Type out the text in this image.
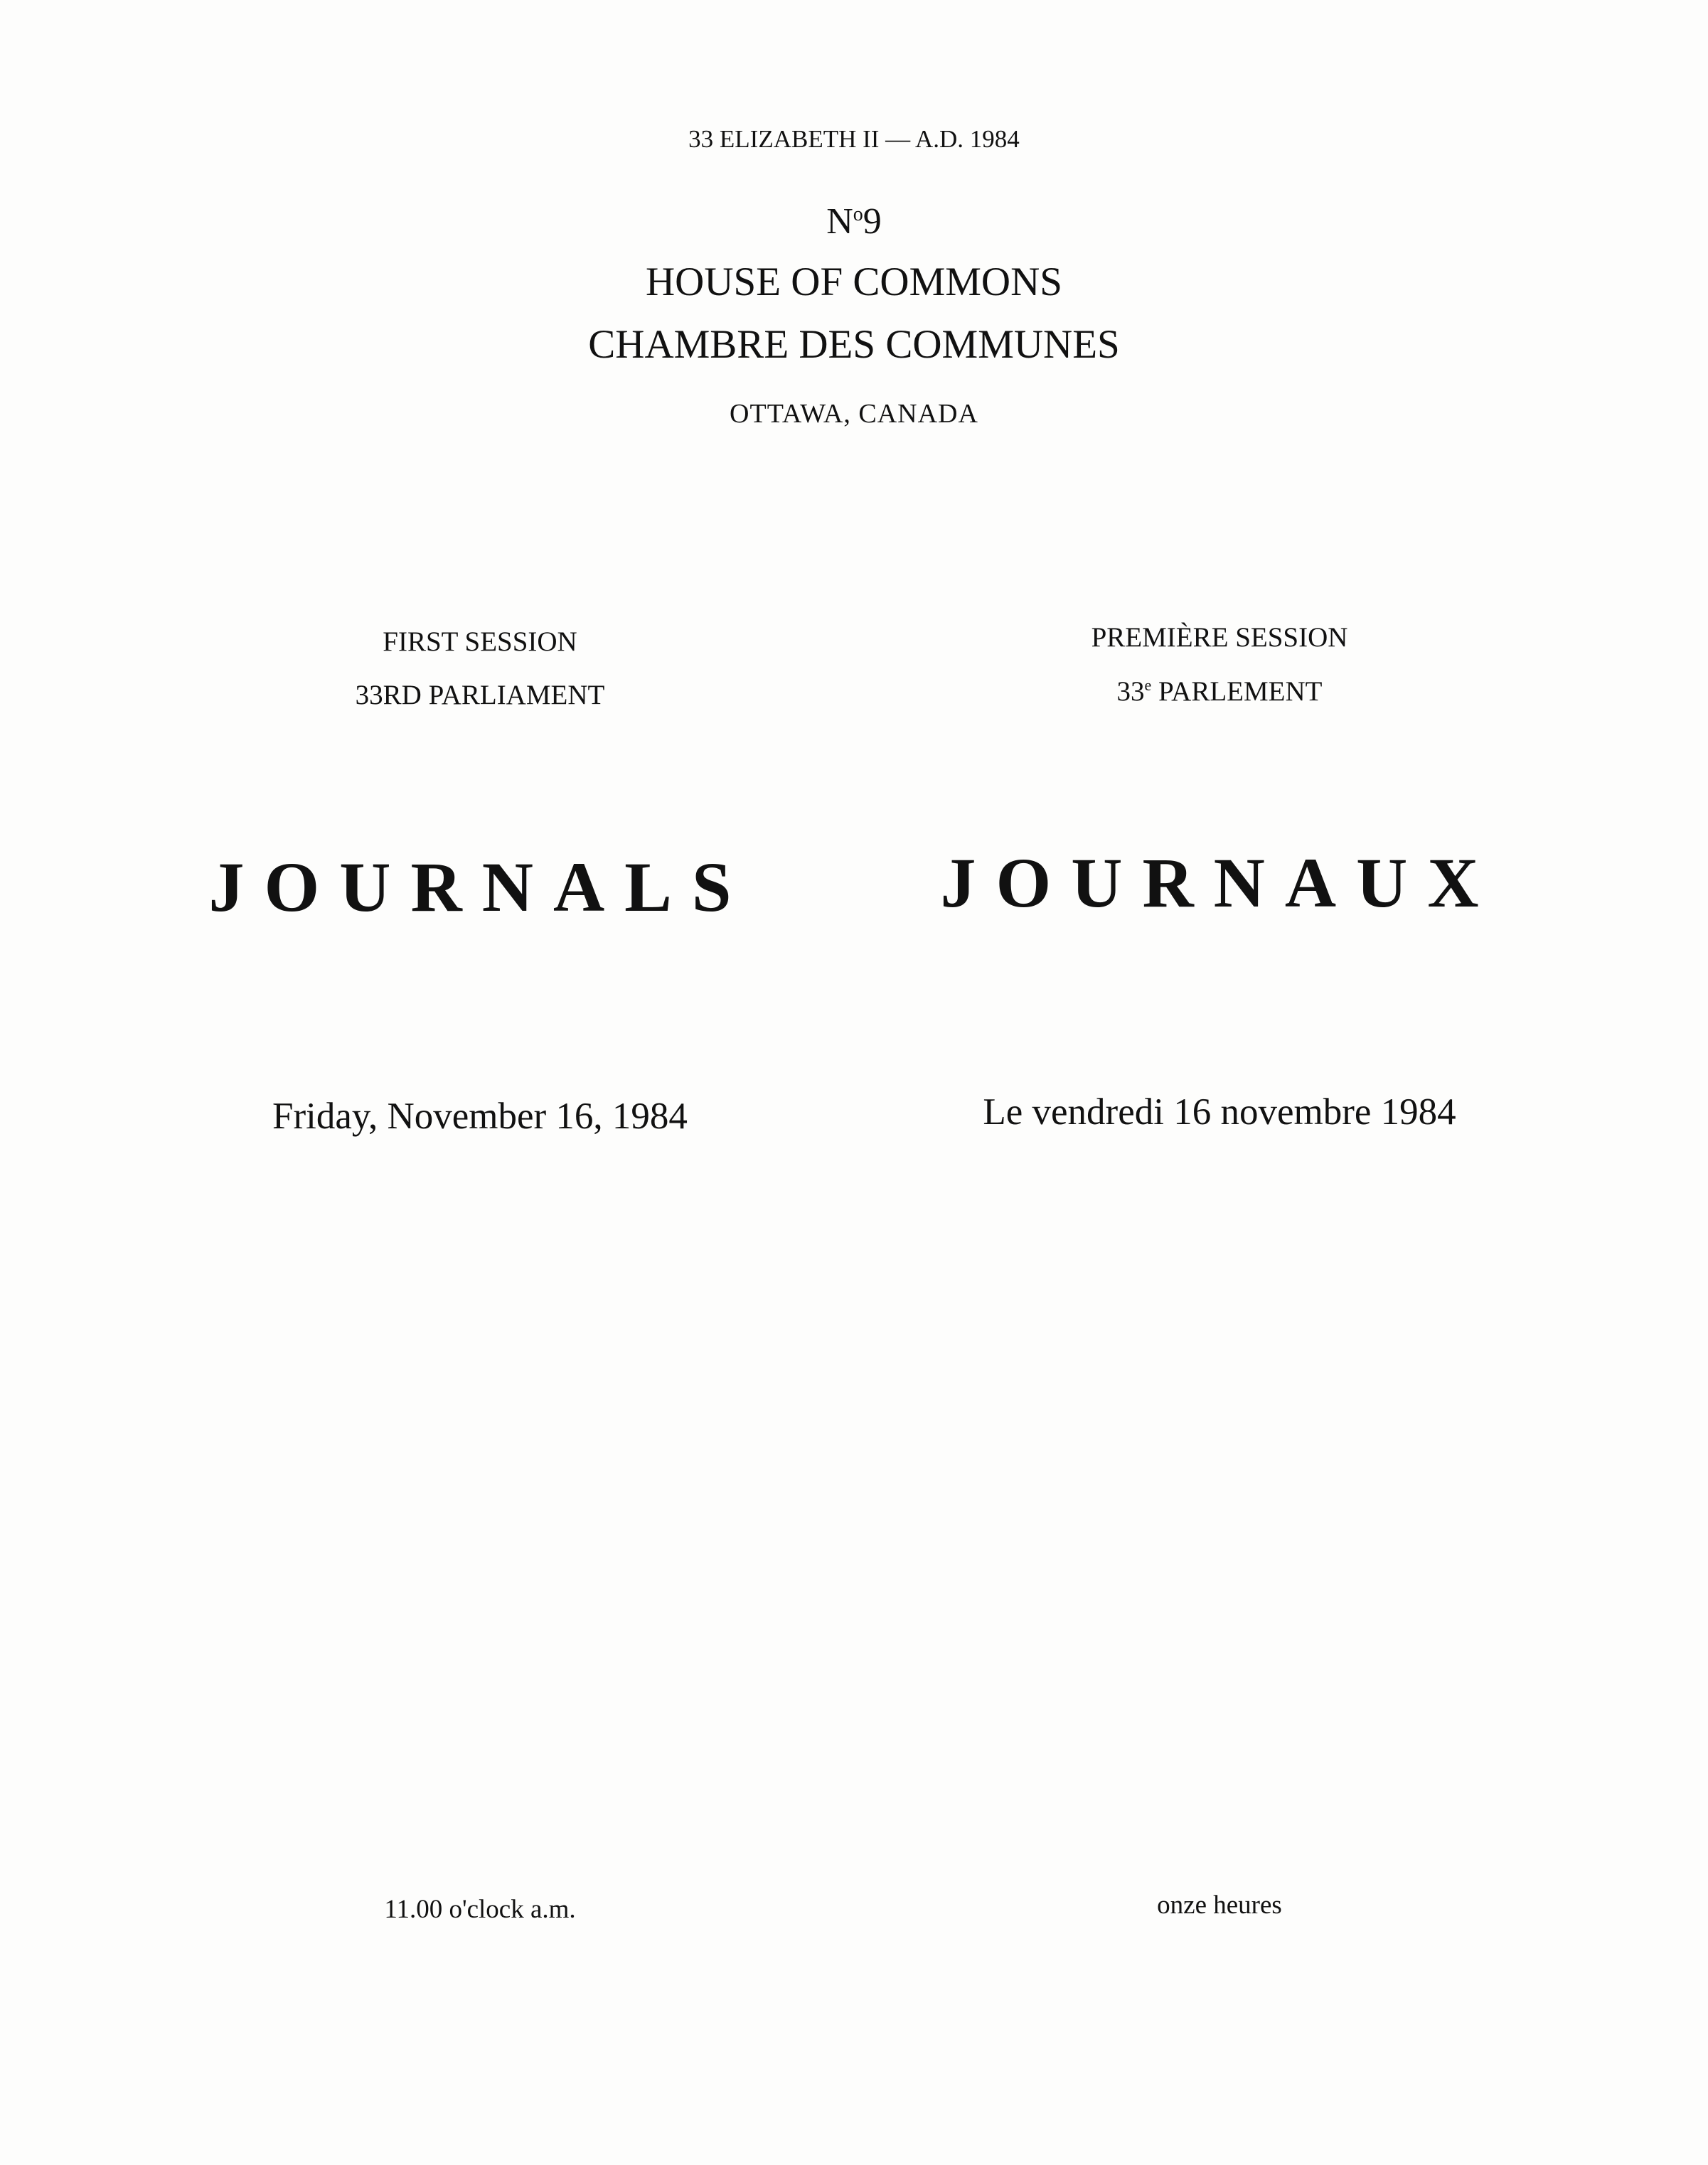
33 ELIZABETH II — A.D. 1984
$N^o9$
HOUSE OF COMMONS
CHAMBRE DES COMMUNES
OTTAWA, CANADA
FIRST SESSION
33RD PARLIAMENT
PREMIÈRE SESSION
33e PARLEMENT
JOURNALS	JOURNAUX
Friday, November 16, 1984	Le vendredi 16 novembre 1984
11.00 o'clock a.m.	onze heures
